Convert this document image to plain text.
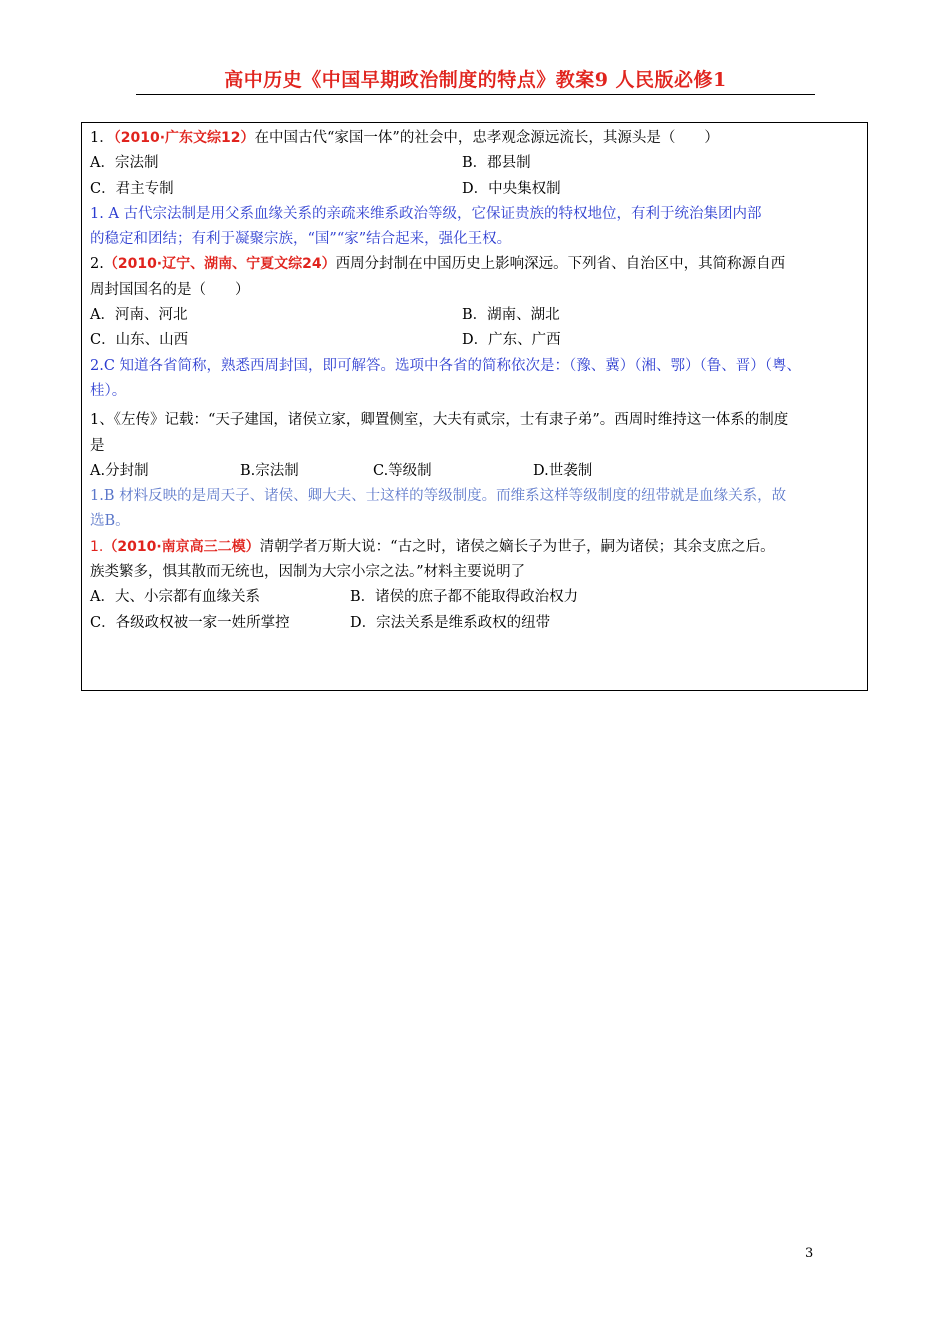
高中历史《中国早期政治制度的特点》教案9 人民版必修1
1．（2010·广东文综12）在中国古代“家国一体”的社会中，忠孝观念源远流长，其源头是（　　）
A．宗法制	B．郡县制
C．君主专制	D．中央集权制
1. A 古代宗法制是用父系血缘关系的亲疏来维系政治等级，它保证贵族的特权地位，有利于统治集团内部
的稳定和团结；有利于凝聚宗族，“国”“家”结合起来，强化王权。
2.（2010·辽宁、湖南、宁夏文综24）西周分封制在中国历史上影响深远。下列省、自治区中，其简称源自西
周封国国名的是（　　）
A．河南、河北	B．湖南、湖北
C．山东、山西	D．广东、广西
2.C 知道各省简称，熟悉西周封国，即可解答。选项中各省的简称依次是：（豫、冀）（湘、鄂）（鲁、晋）（粤、
桂）。
1、《左传》记载：“天子建国，诸侯立家，卿置侧室，大夫有贰宗，士有隶子弟”。西周时维持这一体系的制度
是
A.分封制	B.宗法制	C.等级制	D.世袭制
1.B 材料反映的是周天子、诸侯、卿大夫、士这样的等级制度。而维系这样等级制度的纽带就是血缘关系，故
选B。
1.（2010·南京高三二模）清朝学者万斯大说：“古之时，诸侯之嫡长子为世子，嗣为诸侯；其余支庶之后。
族类繁多，惧其散而无统也，因制为大宗小宗之法。”材料主要说明了
A．大、小宗都有血缘关系	B．诸侯的庶子都不能取得政治权力
C．各级政权被一家一姓所掌控	D．宗法关系是维系政权的纽带
3
